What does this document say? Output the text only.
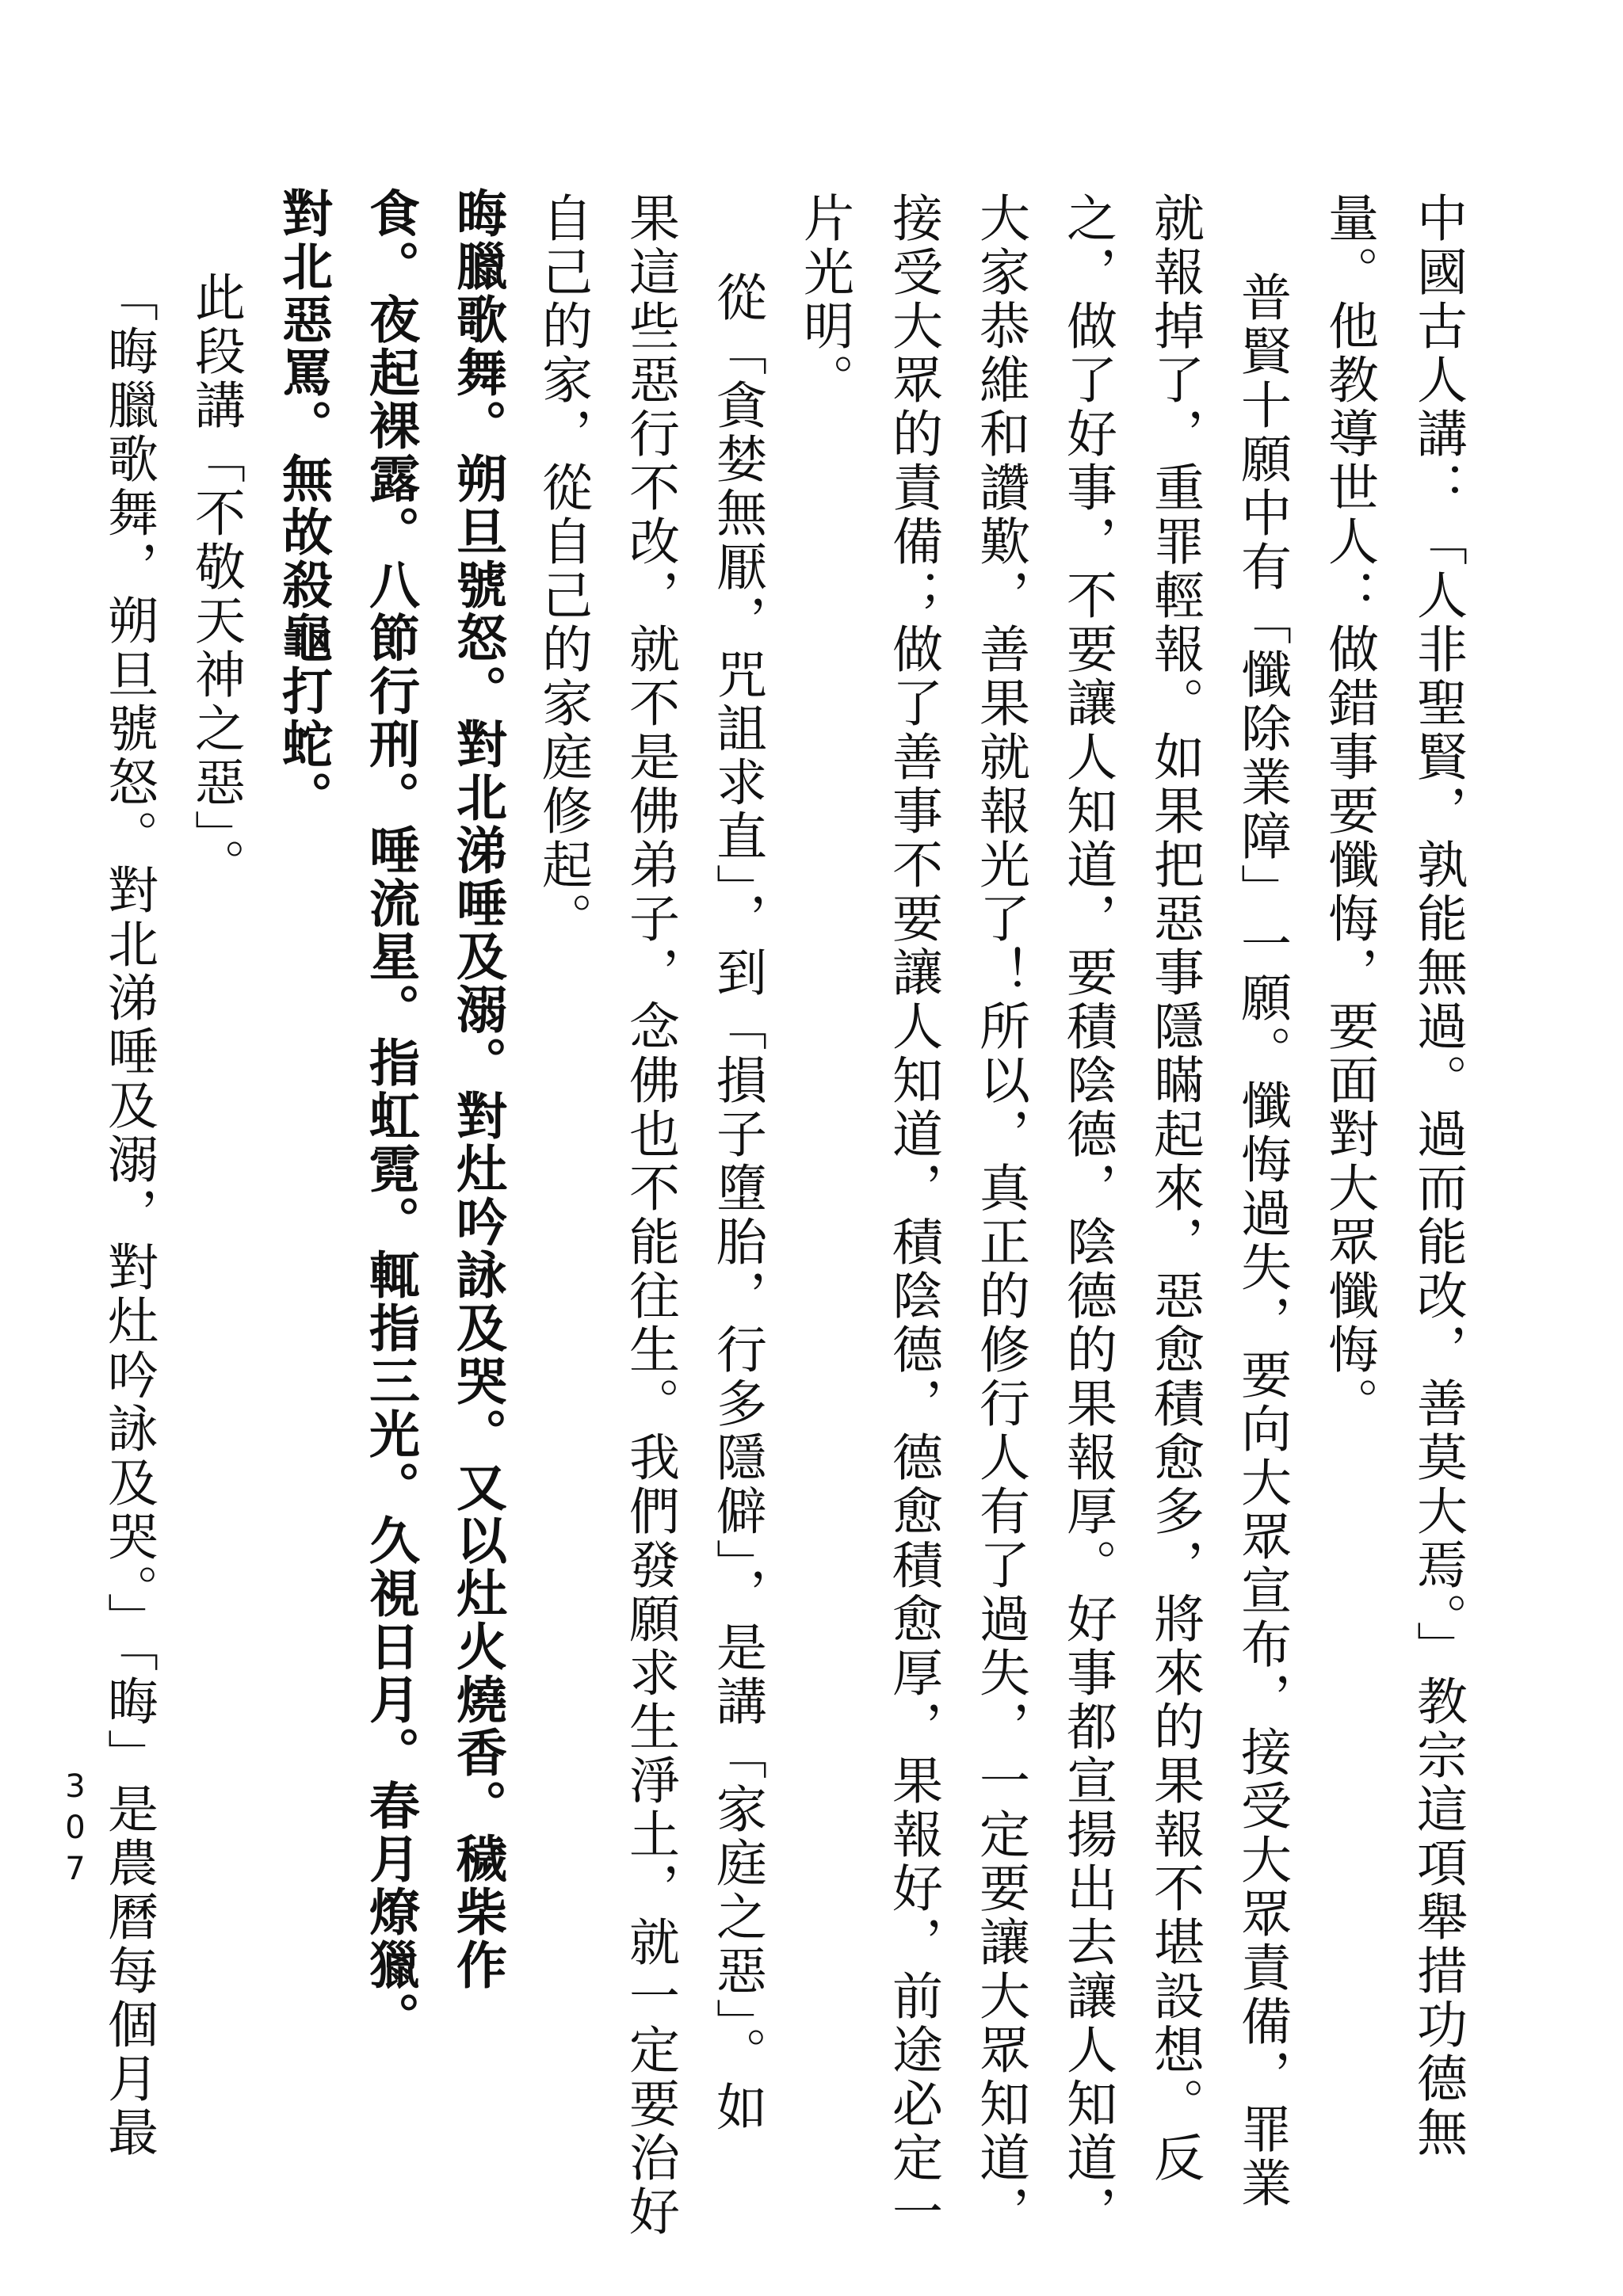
中國古人講：「人非聖賢，孰能無過。過而能改，善莫大焉。」教宗這項舉措功德無

量。他教導世人：做錯事要懺悔，要面對大眾懺悔。

普賢十願中有「懺除業障」一願。懺悔過失，要向大眾宣布，接受大眾責備，罪業

就報掉了，重罪輕報。如果把惡事隱瞞起來，惡愈積愈多，將來的果報不堪設想。反

之，做了好事，不要讓人知道，要積陰德，陰德的果報厚。好事都宣揚出去讓人知道，

大家恭維和讚歎，善果就報光了！所以，真正的修行人有了過失，一定要讓大眾知道，

接受大眾的責備；做了善事不要讓人知道，積陰德，德愈積愈厚，果報好，前途必定一

片光明。

從「貪婪無厭，咒詛求直」，到「損子墮胎，行多隱僻」，是講「家庭之惡」。如

果這些惡行不改，就不是佛弟子，念佛也不能往生。我們發願求生淨土，就一定要治好

自己的家，從自己的家庭修起。

晦臘歌舞。朔旦號怒。對北涕唾及溺。對灶吟詠及哭。又以灶火燒香。穢柴作

食。夜起裸露。八節行刑。唾流星。指虹霓。輒指三光。久視日月。春月燎獵。

對北惡罵。無故殺龜打蛇。

此段講「不敬天神之惡」。

「晦臘歌舞，朔旦號怒。對北涕唾及溺，對灶吟詠及哭。」「晦」是農曆每個月最

307
